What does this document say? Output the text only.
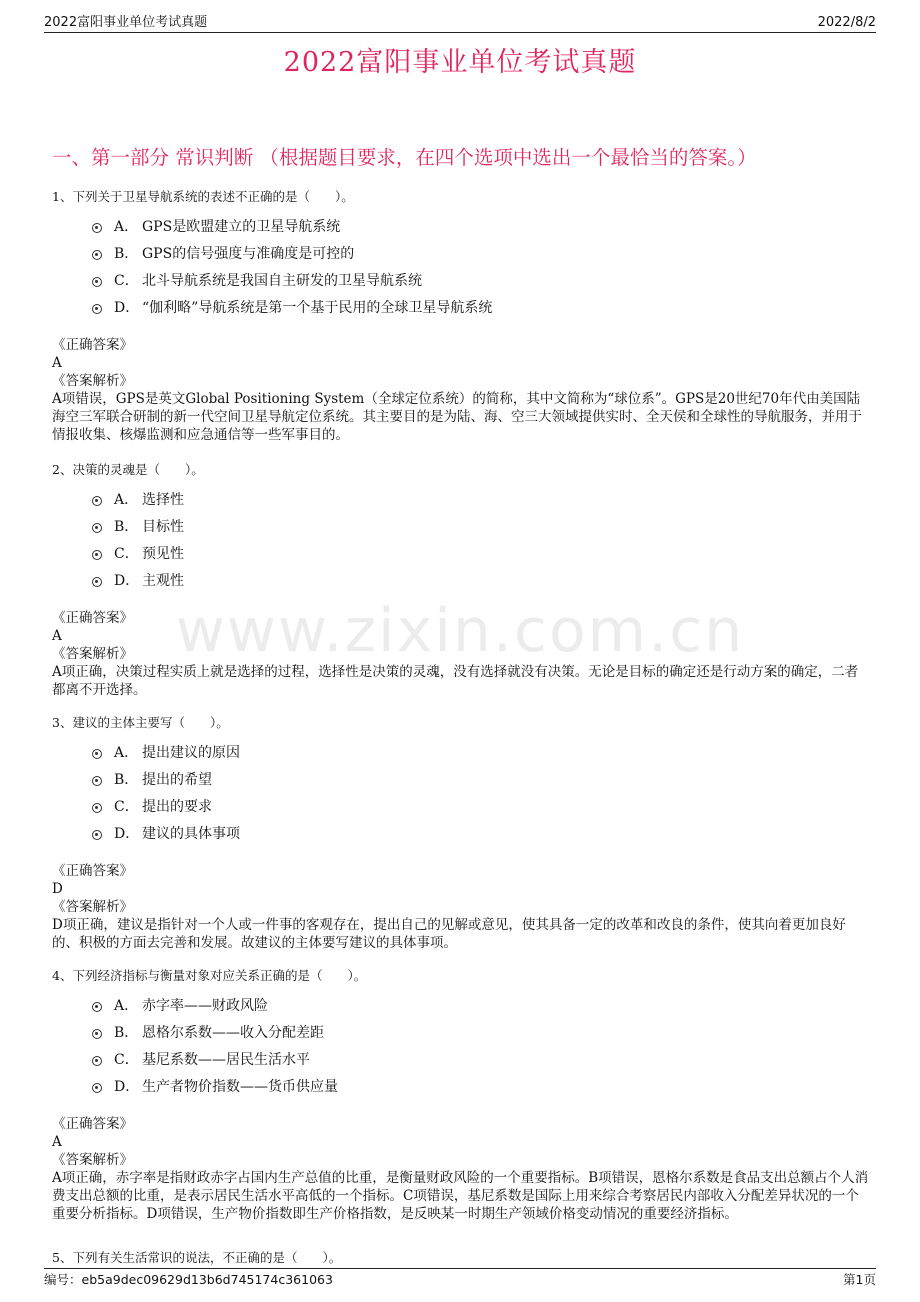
2022富阳事业单位考试真题	2022/8/2
2022富阳事业单位考试真题
一、第一部分 常识判断 （根据题目要求，在四个选项中选出一个最恰当的答案。）
www.zixin.com.cn
1、下列关于卫星导航系统的表述不正确的是（　　）。
A． GPS是欧盟建立的卫星导航系统
B． GPS的信号强度与准确度是可控的
C． 北斗导航系统是我国自主研发的卫星导航系统
D． “伽利略”导航系统是第一个基于民用的全球卫星导航系统
《正确答案》
A
《答案解析》
A项错误，GPS是英文Global Positioning System（全球定位系统）的简称，其中文简称为“球位系”。GPS是20世纪70年代由美国陆海空三军联合研制的新一代空间卫星导航定位系统。其主要目的是为陆、海、空三大领域提供实时、全天侯和全球性的导航服务，并用于情报收集、核爆监测和应急通信等一些军事目的。
2、决策的灵魂是（　　）。
A． 选择性
B． 目标性
C． 预见性
D． 主观性
《正确答案》
A
《答案解析》
A项正确，决策过程实质上就是选择的过程，选择性是决策的灵魂，没有选择就没有决策。无论是目标的确定还是行动方案的确定，二者都离不开选择。
3、建议的主体主要写（　　）。
A． 提出建议的原因
B． 提出的希望
C． 提出的要求
D． 建议的具体事项
《正确答案》
D
《答案解析》
D项正确，建议是指针对一个人或一件事的客观存在，提出自己的见解或意见，使其具备一定的改革和改良的条件，使其向着更加良好的、积极的方面去完善和发展。故建议的主体要写建议的具体事项。
4、下列经济指标与衡量对象对应关系正确的是（　　）。
A． 赤字率——财政风险
B． 恩格尔系数——收入分配差距
C． 基尼系数——居民生活水平
D． 生产者物价指数——货币供应量
《正确答案》
A
《答案解析》
A项正确，赤字率是指财政赤字占国内生产总值的比重，是衡量财政风险的一个重要指标。B项错误，恩格尔系数是食品支出总额占个人消费支出总额的比重，是表示居民生活水平高低的一个指标。C项错误，基尼系数是国际上用来综合考察居民内部收入分配差异状况的一个重要分析指标。D项错误，生产物价指数即生产价格指数，是反映某一时期生产领域价格变动情况的重要经济指标。
5、下列有关生活常识的说法，不正确的是（　　）。
编号：eb5a9dec09629d13b6d745174c361063	第1页
